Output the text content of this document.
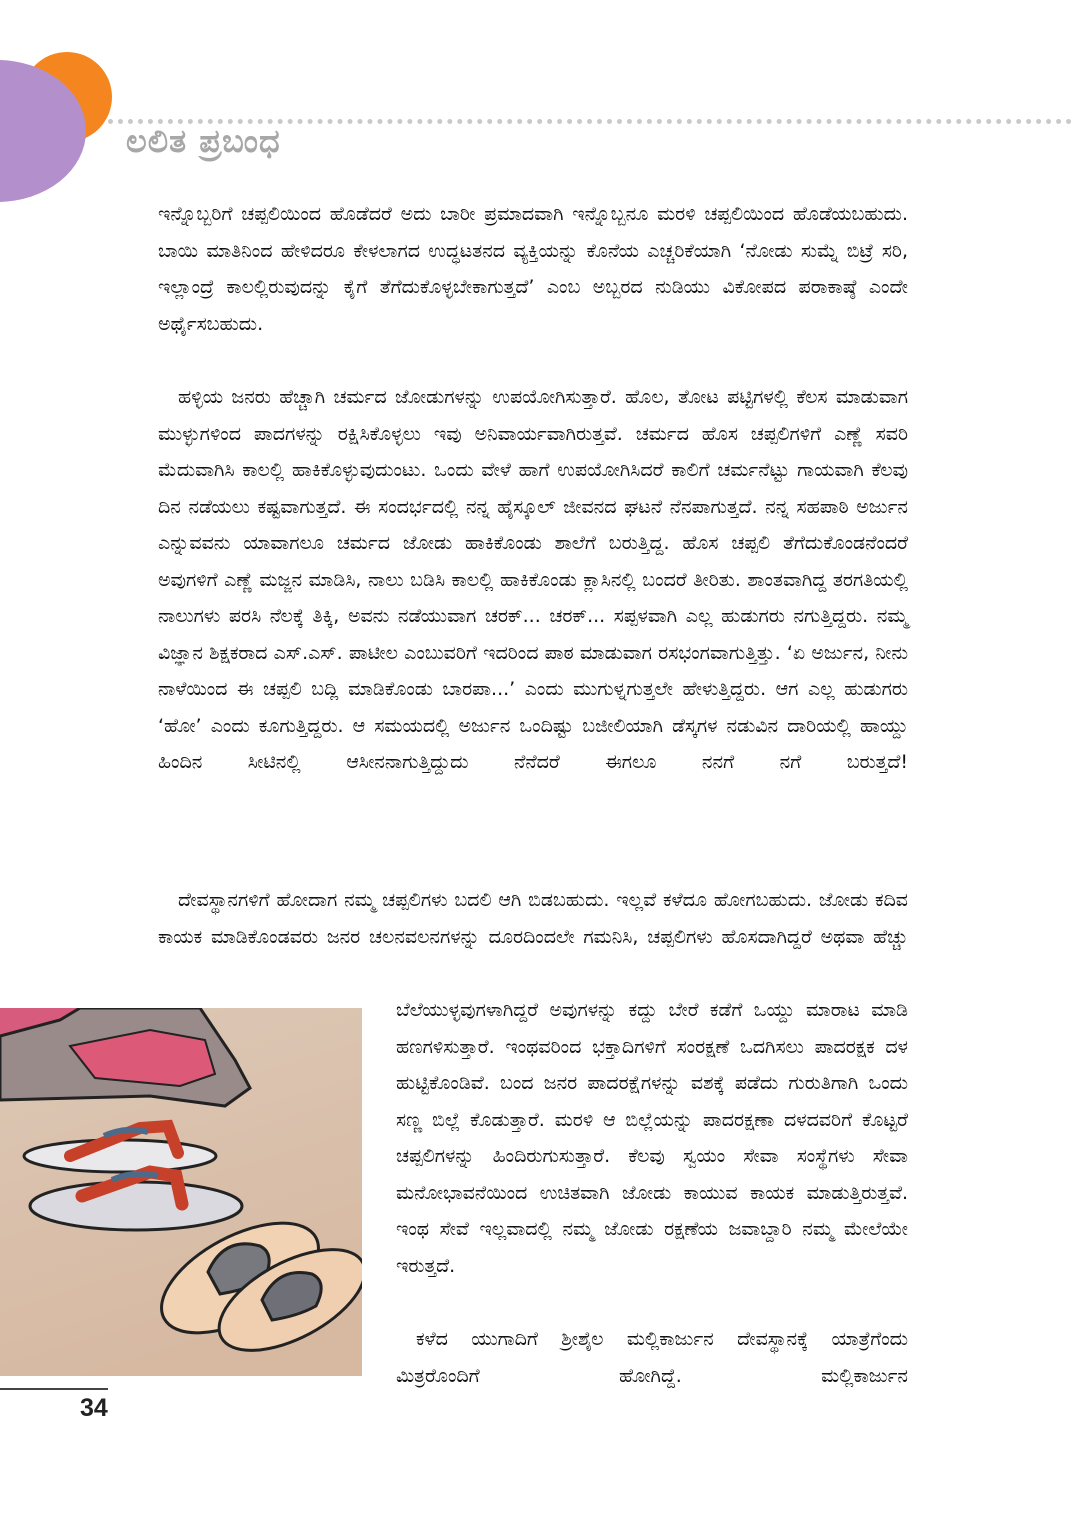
ಲಲಿತ ಪ್ರಬಂಧ

ಇನ್ನೊಬ್ಬರಿಗೆ ಚಪ್ಪಲಿಯಿಂದ ಹೊಡೆದರೆ ಅದು ಬಾರೀ ಪ್ರಮಾದವಾಗಿ ಇನ್ನೊಬ್ಬನೂ ಮರಳಿ ಚಪ್ಪಲಿಯಿಂದ ಹೊಡೆಯಬಹುದು. ಬಾಯಿ ಮಾತಿನಿಂದ ಹೇಳಿದರೂ ಕೇಳಲಾಗದ ಉದ್ಧಟತನದ ವ್ಯಕ್ತಿಯನ್ನು ಕೊನೆಯ ಎಚ್ಚರಿಕೆಯಾಗಿ ‘ನೋಡು ಸುಮ್ನೆ ಬಿಟ್ರೆ ಸರಿ, ಇಲ್ಲಾಂದ್ರೆ ಕಾಲಲ್ಲಿರುವುದನ್ನು ಕೈಗೆ ತೆಗೆದುಕೊಳ್ಳಬೇಕಾಗುತ್ತದೆ’ ಎಂಬ ಅಬ್ಬರದ ನುಡಿಯು ವಿಕೋಪದ ಪರಾಕಾಷ್ಠೆ ಎಂದೇ ಅರ್ಥೈಸಬಹುದು.

ಹಳ್ಳಿಯ ಜನರು ಹೆಚ್ಚಾಗಿ ಚರ್ಮದ ಜೋಡುಗಳನ್ನು ಉಪಯೋಗಿಸುತ್ತಾರೆ. ಹೊಲ, ತೋಟ ಪಟ್ಟಿಗಳಲ್ಲಿ ಕೆಲಸ ಮಾಡುವಾಗ ಮುಳ್ಳುಗಳಿಂದ ಪಾದಗಳನ್ನು ರಕ್ಷಿಸಿಕೊಳ್ಳಲು ಇವು ಅನಿವಾರ್ಯವಾಗಿರುತ್ತವೆ. ಚರ್ಮದ ಹೊಸ ಚಪ್ಪಲಿಗಳಿಗೆ ಎಣ್ಣೆ ಸವರಿ ಮೆದುವಾಗಿಸಿ ಕಾಲಲ್ಲಿ ಹಾಕಿಕೊಳ್ಳುವುದುಂಟು. ಒಂದು ವೇಳೆ ಹಾಗೆ ಉಪಯೋಗಿಸಿದರೆ ಕಾಲಿಗೆ ಚರ್ಮನೆಟ್ಟು ಗಾಯವಾಗಿ ಕೆಲವು ದಿನ ನಡೆಯಲು ಕಷ್ಟವಾಗುತ್ತದೆ. ಈ ಸಂದರ್ಭದಲ್ಲಿ ನನ್ನ ಹೈಸ್ಕೂಲ್ ಜೀವನದ ಘಟನೆ ನೆನಪಾಗುತ್ತದೆ. ನನ್ನ ಸಹಪಾಠಿ ಅರ್ಜುನ ಎನ್ನುವವನು ಯಾವಾಗಲೂ ಚರ್ಮದ ಜೋಡು ಹಾಕಿಕೊಂಡು ಶಾಲೆಗೆ ಬರುತ್ತಿದ್ದ. ಹೊಸ ಚಪ್ಪಲಿ ತೆಗೆದುಕೊಂಡನೆಂದರೆ ಅವುಗಳಿಗೆ ಎಣ್ಣೆ ಮಜ್ಜನ ಮಾಡಿಸಿ, ನಾಲು ಬಡಿಸಿ ಕಾಲಲ್ಲಿ ಹಾಕಿಕೊಂಡು ಕ್ಲಾಸಿನಲ್ಲಿ ಬಂದರೆ ತೀರಿತು. ಶಾಂತವಾಗಿದ್ದ ತರಗತಿಯಲ್ಲಿ ನಾಲುಗಳು ಪರಸಿ ನೆಲಕ್ಕೆ ತಿಕ್ಕಿ, ಅವನು ನಡೆಯುವಾಗ ಚರಕ್... ಚರಕ್... ಸಪ್ಪಳವಾಗಿ ಎಲ್ಲ ಹುಡುಗರು ನಗುತ್ತಿದ್ದರು. ನಮ್ಮ ವಿಜ್ಞಾನ ಶಿಕ್ಷಕರಾದ ಎಸ್.ಎಸ್. ಪಾಟೀಲ ಎಂಬುವರಿಗೆ ಇದರಿಂದ ಪಾಠ ಮಾಡುವಾಗ ರಸಭಂಗವಾಗುತ್ತಿತ್ತು. ‘ಏ ಅರ್ಜುನ, ನೀನು ನಾಳೆಯಿಂದ ಈ ಚಪ್ಪಲಿ ಬದ್ಲಿ ಮಾಡಿಕೊಂಡು ಬಾರಪಾ...’ ಎಂದು ಮುಗುಳ್ನಗುತ್ತಲೇ ಹೇಳುತ್ತಿದ್ದರು. ಆಗ ಎಲ್ಲ ಹುಡುಗರು ‘ಹೋ’ ಎಂದು ಕೂಗುತ್ತಿದ್ದರು. ಆ ಸಮಯದಲ್ಲಿ ಅರ್ಜುನ ಒಂದಿಷ್ಟು ಬಜೀಲಿಯಾಗಿ ಡೆಸ್ಕಗಳ ನಡುವಿನ ದಾರಿಯಲ್ಲಿ ಹಾಯ್ದು ಹಿಂದಿನ ಸೀಟಿನಲ್ಲಿ ಆಸೀನನಾಗುತ್ತಿದ್ದುದು ನೆನೆದರೆ ಈಗಲೂ ನನಗೆ ನಗೆ ಬರುತ್ತದೆ!

ದೇವಸ್ಥಾನಗಳಿಗೆ ಹೋದಾಗ ನಮ್ಮ ಚಪ್ಪಲಿಗಳು ಬದಲಿ ಆಗಿ ಬಿಡಬಹುದು. ಇಲ್ಲವೆ ಕಳೆದೂ ಹೋಗಬಹುದು. ಜೋಡು ಕದಿವ ಕಾಯಕ ಮಾಡಿಕೊಂಡವರು ಜನರ ಚಲನವಲನಗಳನ್ನು ದೂರದಿಂದಲೇ ಗಮನಿಸಿ, ಚಪ್ಪಲಿಗಳು ಹೊಸದಾಗಿದ್ದರೆ ಅಥವಾ ಹೆಚ್ಚು

ಬೆಲೆಯುಳ್ಳವುಗಳಾಗಿದ್ದರೆ ಅವುಗಳನ್ನು ಕದ್ದು ಬೇರೆ ಕಡೆಗೆ ಒಯ್ದು ಮಾರಾಟ ಮಾಡಿ ಹಣಗಳಿಸುತ್ತಾರೆ. ಇಂಥವರಿಂದ ಭಕ್ತಾದಿಗಳಿಗೆ ಸಂರಕ್ಷಣೆ ಒದಗಿಸಲು ಪಾದರಕ್ಷಕ ದಳ ಹುಟ್ಟಿಕೊಂಡಿವೆ. ಬಂದ ಜನರ ಪಾದರಕ್ಷೆಗಳನ್ನು ವಶಕ್ಕೆ ಪಡೆದು ಗುರುತಿಗಾಗಿ ಒಂದು ಸಣ್ಣ ಬಿಲ್ಲೆ ಕೊಡುತ್ತಾರೆ. ಮರಳಿ ಆ ಬಿಲ್ಲೆಯನ್ನು ಪಾದರಕ್ಷಣಾ ದಳದವರಿಗೆ ಕೊಟ್ಟರೆ ಚಪ್ಪಲಿಗಳನ್ನು ಹಿಂದಿರುಗುಸುತ್ತಾರೆ. ಕೆಲವು ಸ್ವಯಂ ಸೇವಾ ಸಂಸ್ಥೆಗಳು ಸೇವಾ ಮನೋಭಾವನೆಯಿಂದ ಉಚಿತವಾಗಿ ಜೋಡು ಕಾಯುವ ಕಾಯಕ ಮಾಡುತ್ತಿರುತ್ತವೆ. ಇಂಥ ಸೇವೆ ಇಲ್ಲವಾದಲ್ಲಿ ನಮ್ಮ ಜೋಡು ರಕ್ಷಣೆಯ ಜವಾಬ್ದಾರಿ ನಮ್ಮ ಮೇಲೆಯೇ ಇರುತ್ತದೆ.

ಕಳೆದ ಯುಗಾದಿಗೆ ಶ್ರೀಶೈಲ ಮಲ್ಲಿಕಾರ್ಜುನ ದೇವಸ್ಥಾನಕ್ಕೆ ಯಾತ್ರೆಗೆಂದು ಮಿತ್ರರೊಂದಿಗೆ ಹೋಗಿದ್ದೆ. ಮಲ್ಲಿಕಾರ್ಜುನ

34
